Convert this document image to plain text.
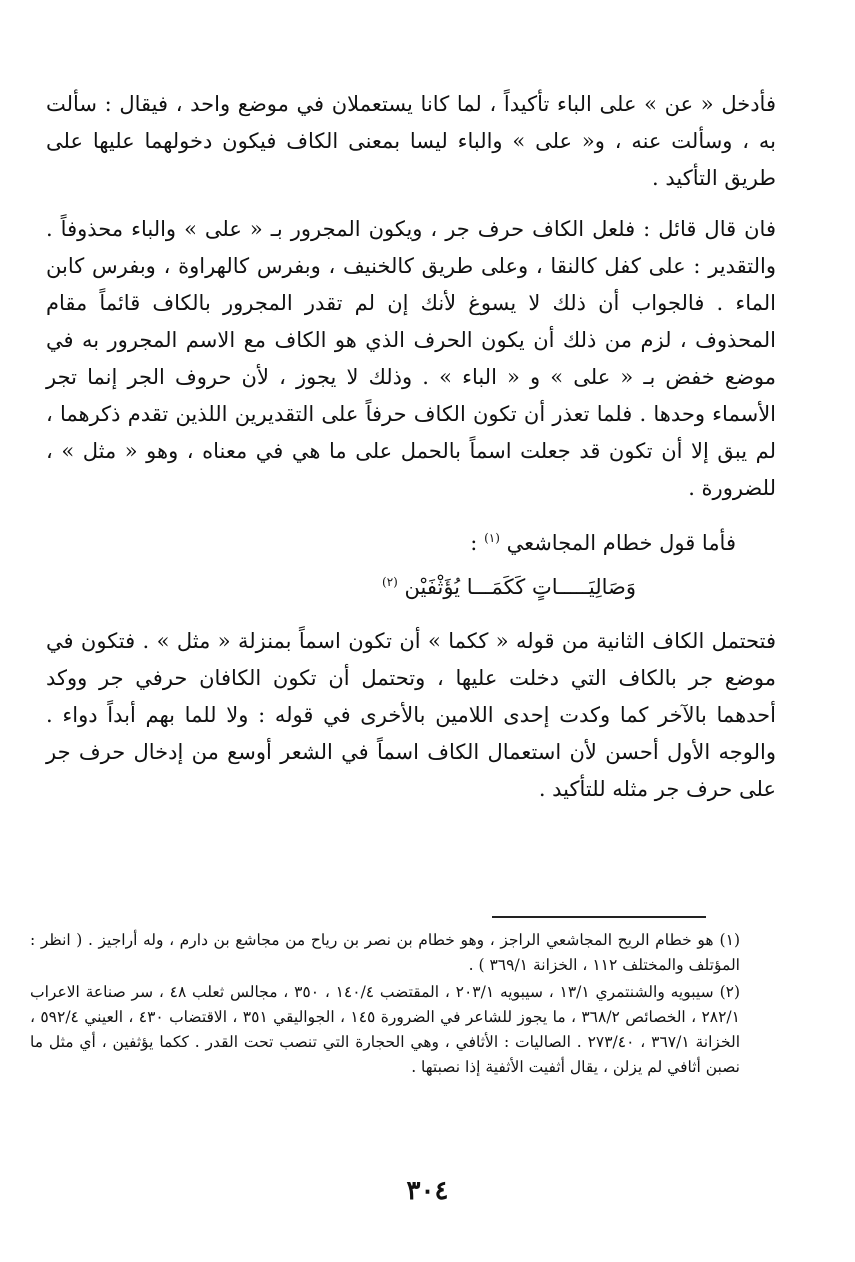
فأدخل « عن » على الباء تأكيداً ، لما كانا يستعملان في موضع واحد ، فيقال : سألت به ، وسألت عنه ، و« على » والباء ليسا بمعنى الكاف فيكون دخولهما عليها على طريق التأكيد .

فان قال قائل : فلعل الكاف حرف جر ، ويكون المجرور بـ « على » والباء محذوفاً . والتقدير : على كفل كالنقا ، وعلى طريق كالخنيف ، وبفرس كالهراوة ، وبفرس كابن الماء . فالجواب أن ذلك لا يسوغ لأنك إن لم تقدر المجرور بالكاف قائماً مقام المحذوف ، لزم من ذلك أن يكون الحرف الذي هو الكاف مع الاسم المجرور به في موضع خفض بـ « على » و « الباء » . وذلك لا يجوز ، لأن حروف الجر إنما تجر الأسماء وحدها . فلما تعذر أن تكون الكاف حرفاً على التقديرين اللذين تقدم ذكرهما ، لم يبق إلا أن تكون قد جعلت اسماً بالحمل على ما هي في معناه ، وهو « مثل » ، للضرورة .

فأما قول خطام المجاشعي $^{(١)}$ :

وَصَالِيَـــــاتٍ كَكَمَـــا يُؤَثْفَيْن $^{(٢)}$

فتحتمل الكاف الثانية من قوله « ككما » أن تكون اسماً بمنزلة « مثل » . فتكون في موضع جر بالكاف التي دخلت عليها ، وتحتمل أن تكون الكافان حرفي جر ووكد أحدهما بالآخر كما وكدت إحدى اللامين بالأخرى في قوله : ولا للما بهم أبداً دواء . والوجه الأول أحسن لأن استعمال الكاف اسماً في الشعر أوسع من إدخال حرف جر على حرف جر مثله للتأكيد .

(١)هو خطام الريح المجاشعي الراجز ، وهو خطام بن نصر بن رياح من مجاشع بن دارم ، وله أراجيز . ( انظر : المؤتلف والمختلف ١١٢ ، الخزانة ٣٦٩/١ ) .

(٢)سيبويه والشنتمري ١٣/١ ، سيبويه ٢٠٣/١ ، المقتضب ١٤٠/٤ ، ٣٥٠ ، مجالس ثعلب ٤٨ ، سر صناعة الاعراب ٢٨٢/١ ، الخصائص ٣٦٨/٢ ، ما يجوز للشاعر في الضرورة ١٤٥ ، الجواليقي ٣٥١ ، الاقتضاب ٤٣٠ ، العيني ٥٩٢/٤ ، الخزانة ٣٦٧/١ ، ٢٧٣/٤٠ . الصاليات : الأثافي ، وهي الحجارة التي تنصب تحت القدر . ككما يؤثفين ، أي مثل ما نصبن أثافي لم يزلن ، يقال أثفيت الأثفية إذا نصبتها .

٣٠٤
